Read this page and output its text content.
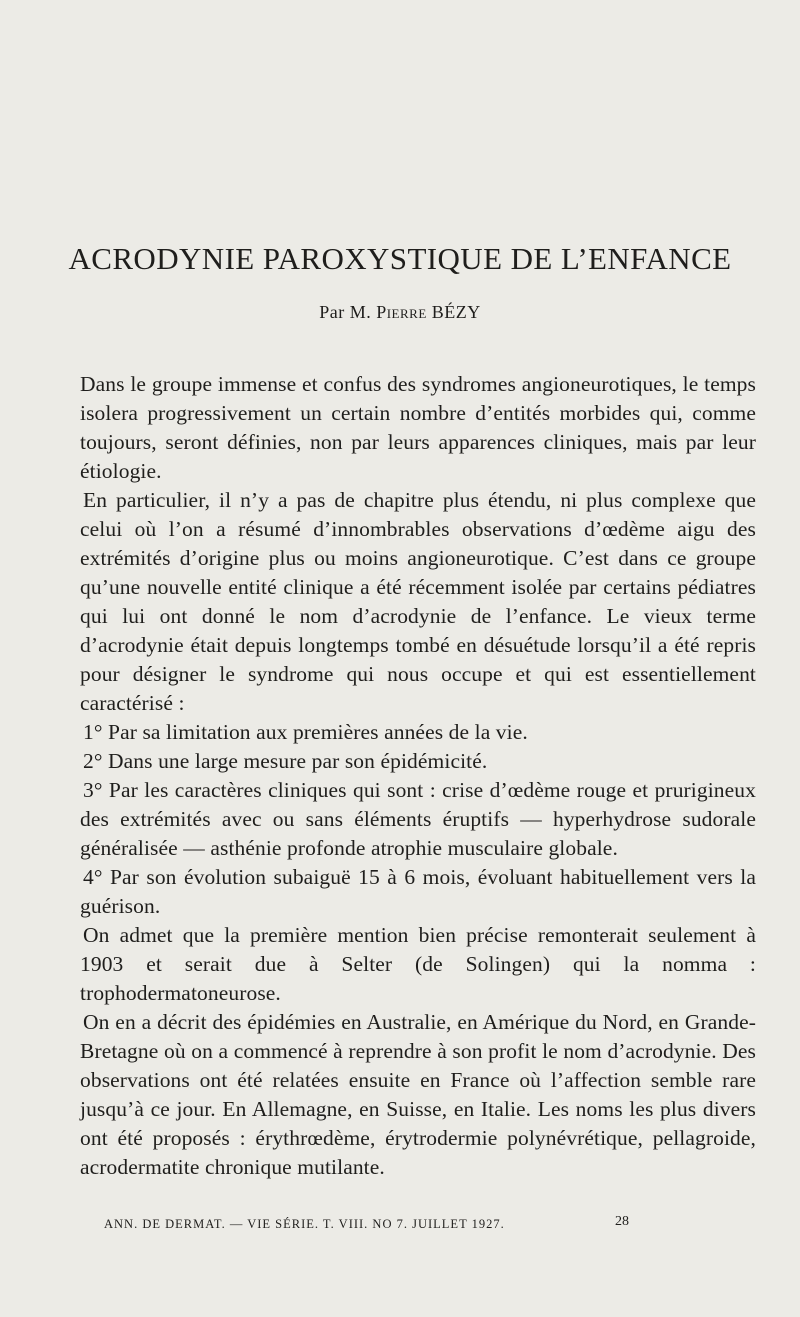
ACRODYNIE PAROXYSTIQUE DE L’ENFANCE
Par M. Pierre BÉZY

Dans le groupe immense et confus des syndromes angioneurotiques, le temps isolera progressivement un certain nombre d’entités morbides qui, comme toujours, seront définies, non par leurs apparences cliniques, mais par leur étiologie.

En particulier, il n’y a pas de chapitre plus étendu, ni plus complexe que celui où l’on a résumé d’innombrables observations d’œdème aigu des extrémités d’origine plus ou moins angioneurotique. C’est dans ce groupe qu’une nouvelle entité clinique a été récemment isolée par certains pédiatres qui lui ont donné le nom d’acrodynie de l’enfance. Le vieux terme d’acrodynie était depuis longtemps tombé en désuétude lorsqu’il a été repris pour désigner le syndrome qui nous occupe et qui est essentiellement caractérisé :

1° Par sa limitation aux premières années de la vie.

2° Dans une large mesure par son épidémicité.

3° Par les caractères cliniques qui sont : crise d’œdème rouge et prurigineux des extrémités avec ou sans éléments éruptifs — hyperhydrose sudorale généralisée — asthénie profonde atrophie musculaire globale.

4° Par son évolution subaiguë 15 à 6 mois, évoluant habituellement vers la guérison.

On admet que la première mention bien précise remonterait seulement à 1903 et serait due à Selter (de Solingen) qui la nomma : trophodermatoneurose.

On en a décrit des épidémies en Australie, en Amérique du Nord, en Grande-Bretagne où on a commencé à reprendre à son profit le nom d’acrodynie. Des observations ont été relatées ensuite en France où l’affection semble rare jusqu’à ce jour. En Allemagne, en Suisse, en Italie. Les noms les plus divers ont été proposés : érythrœdème, érytrodermie polynévrétique, pellagroide, acrodermatite chronique mutilante.

ANN. DE DERMAT. — VIE SÉRIE. T. VIII. NO 7. JUILLET 1927.	28
